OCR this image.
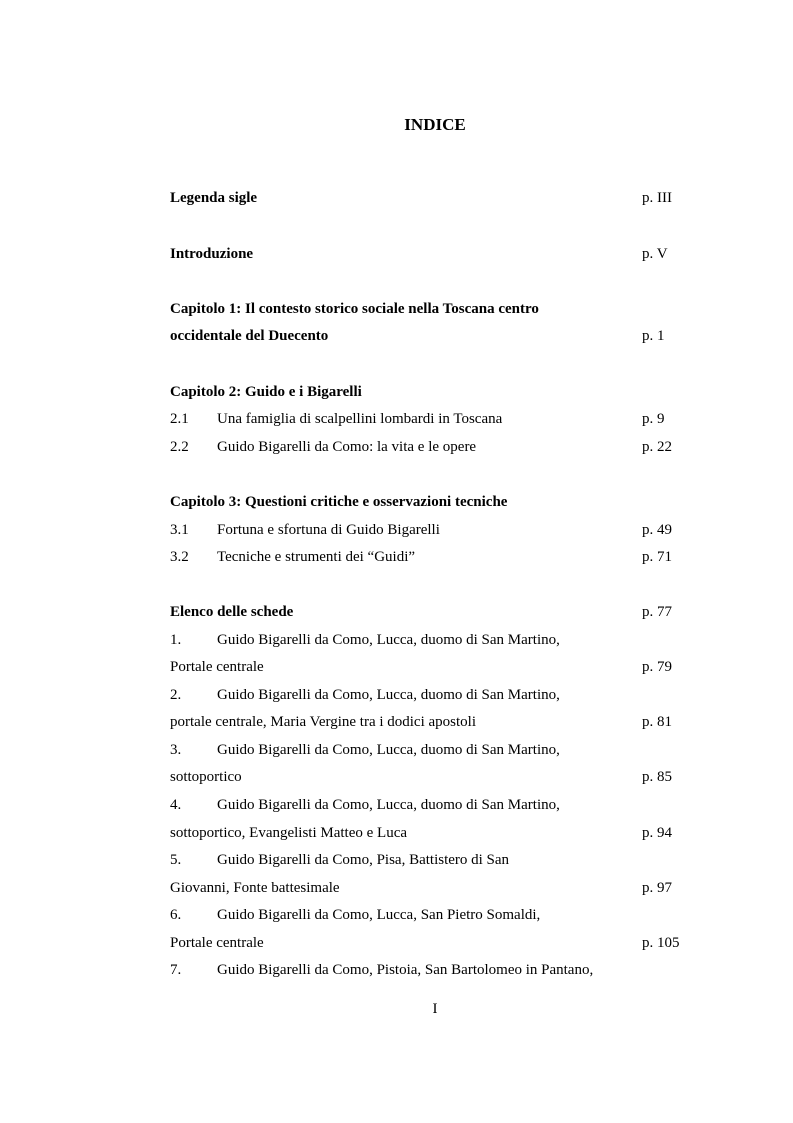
INDICE
Legenda sigle	p. III
Introduzione	p. V
Capitolo 1: Il contesto storico sociale nella Toscana centro
occidentale del Duecento	p. 1
Capitolo 2: Guido e i Bigarelli
2.1 Una famiglia di scalpellini lombardi in Toscana	p. 9
2.2 Guido Bigarelli da Como: la vita e le opere	p. 22
Capitolo 3: Questioni critiche e osservazioni tecniche
3.1 Fortuna e sfortuna di Guido Bigarelli	p. 49
3.2 Tecniche e strumenti dei “Guidi”	p. 71
Elenco delle schede	p. 77
1. Guido Bigarelli da Como, Lucca, duomo di San Martino,
Portale centrale	p. 79
2. Guido Bigarelli da Como, Lucca, duomo di San Martino,
portale centrale, Maria Vergine tra i dodici apostoli	p. 81
3. Guido Bigarelli da Como, Lucca, duomo di San Martino,
sottoportico	p. 85
4. Guido Bigarelli da Como, Lucca, duomo di San Martino,
sottoportico, Evangelisti Matteo e Luca	p. 94
5. Guido Bigarelli da Como, Pisa, Battistero di San
Giovanni, Fonte battesimale	p. 97
6. Guido Bigarelli da Como, Lucca, San Pietro Somaldi,
Portale centrale	p. 105
7. Guido Bigarelli da Como, Pistoia, San Bartolomeo in Pantano,
I
